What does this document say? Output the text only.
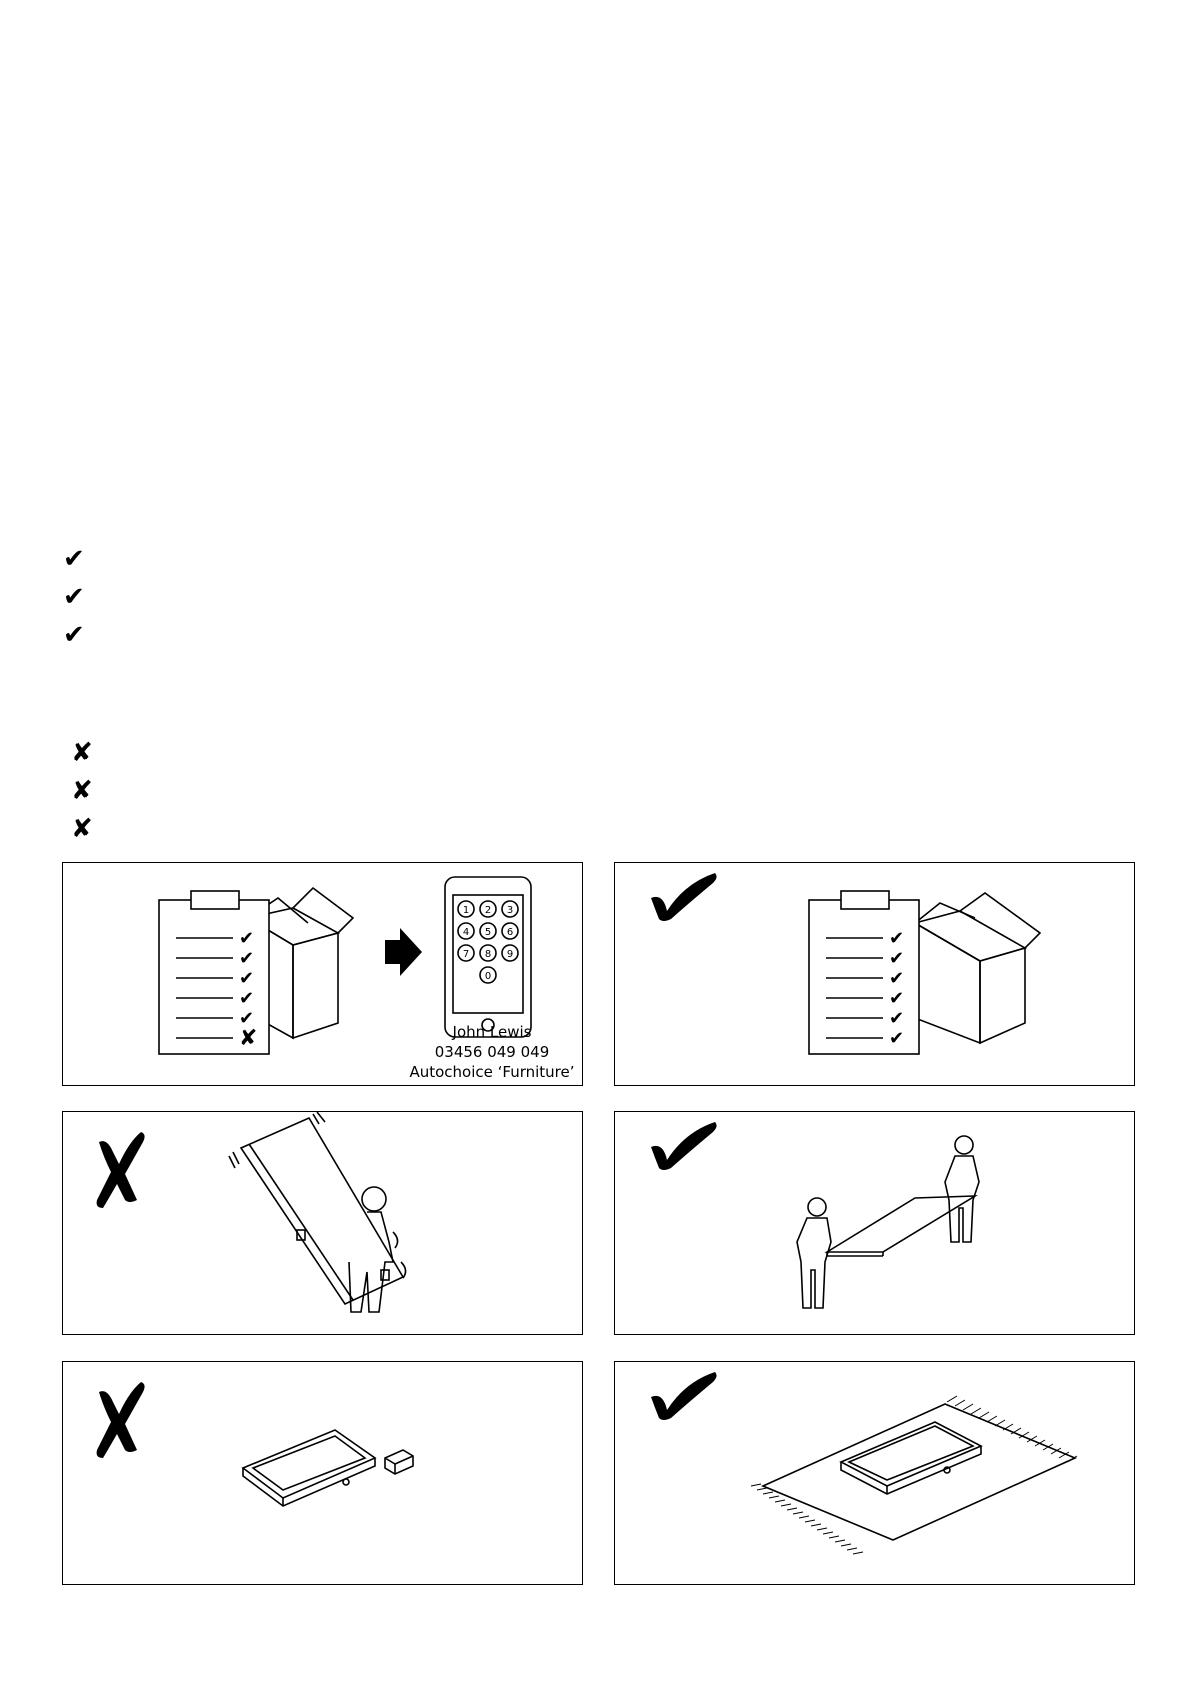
✔
✔
✔
✘
✘
✘
✔
✔
✔
✔
✔
✘
1 2 3
4 5 6
7 8 9
0
John Lewis
03456 049 049
Autochoice ‘Furniture’
✔
✔
✔
✔
✔
✔
